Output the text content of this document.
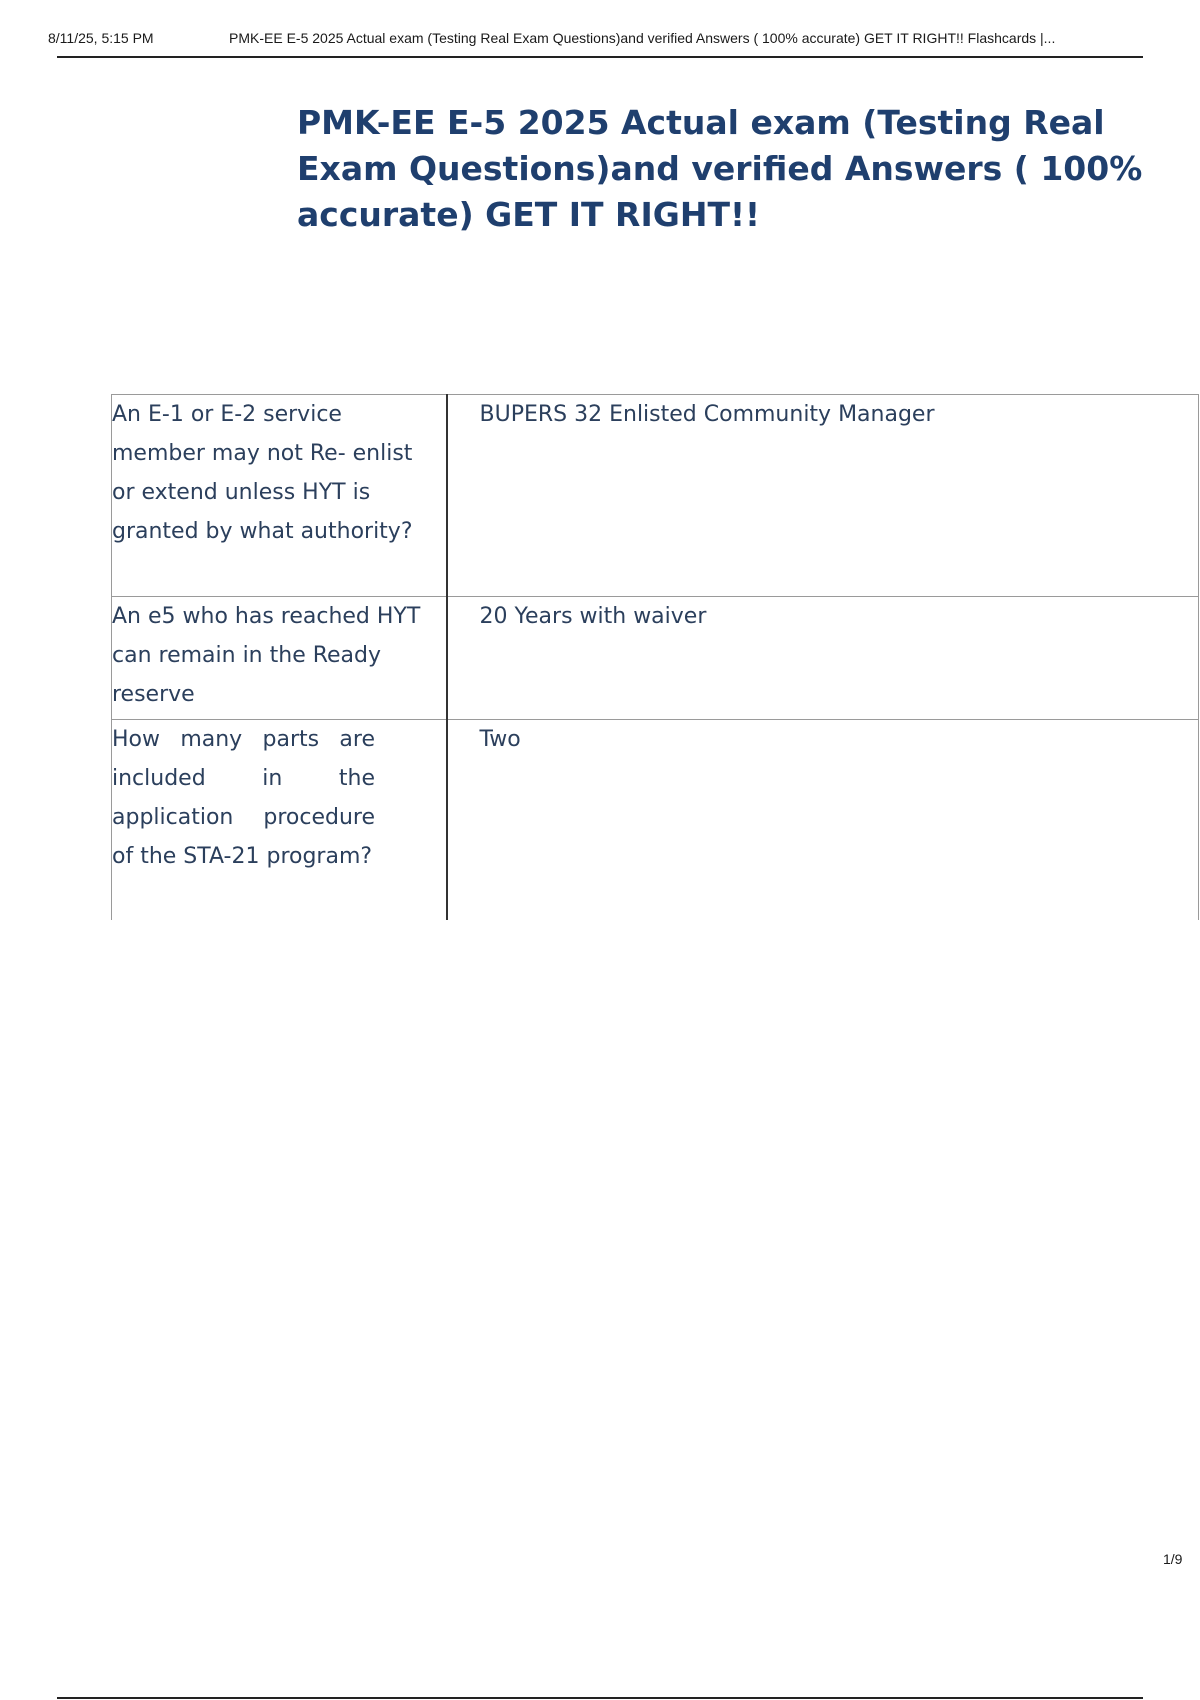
8/11/25, 5:15 PM	PMK-EE E-5 2025 Actual exam (Testing Real Exam Questions)and verified Answers ( 100% accurate) GET IT RIGHT!! Flashcards |...
PMK-EE E-5 2025 Actual exam (Testing Real Exam Questions)and verified Answers ( 100% accurate) GET IT RIGHT!!
An E-1 or E-2 service member may not Re- enlist or extend unless HYT is granted by what authority?	BUPERS 32 Enlisted Community Manager
An e5 who has reached HYT can remain in the Ready reserve	20 Years with waiver

How many parts are included in the application procedure of the STA-21 program?	Two
1/9
